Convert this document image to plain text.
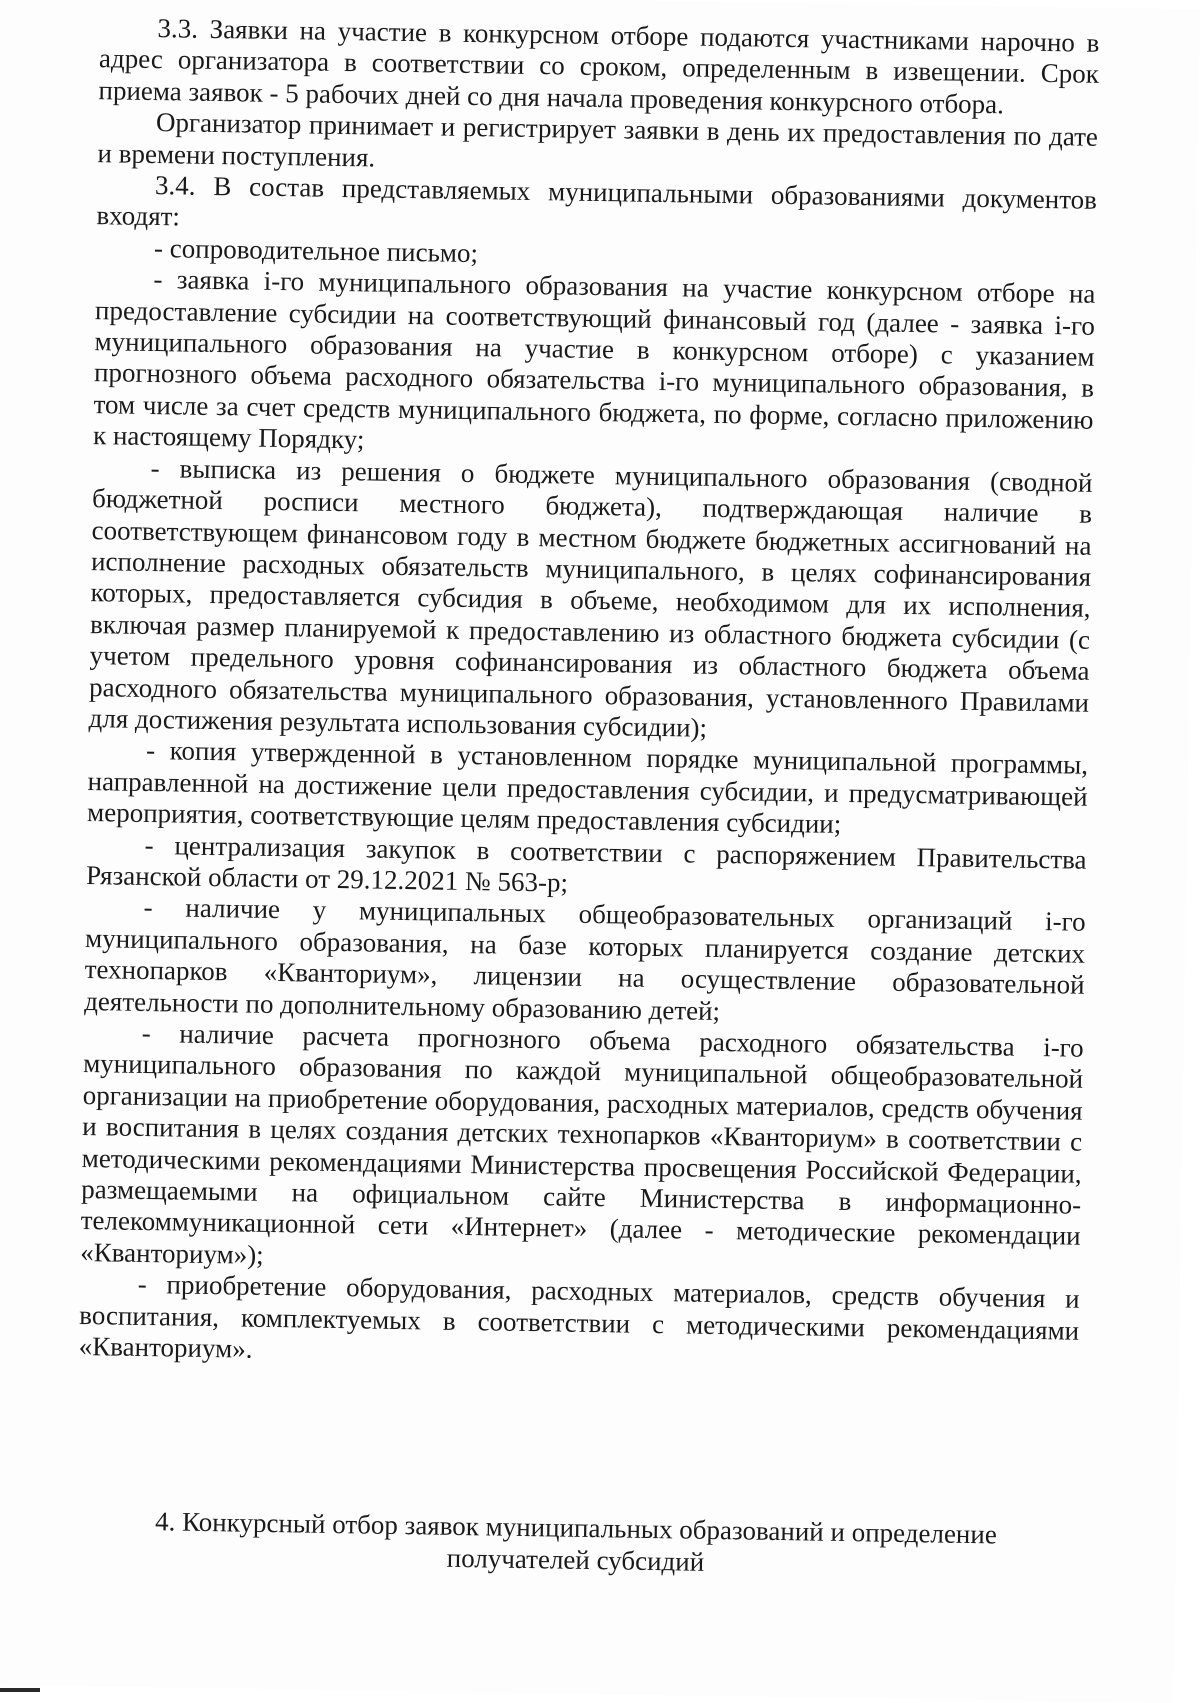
3.3. Заявки на участие в конкурсном отборе подаются участниками нарочно в адрес организатора в соответствии со сроком, определенным в извещении. Срок приема заявок - 5 рабочих дней со дня начала проведения конкурсного отбора.

Организатор принимает и регистрирует заявки в день их предоставления по дате и времени поступления.

3.4. В состав представляемых муниципальными образованиями документов входят:

- сопроводительное письмо;

- заявка i-го муниципального образования на участие конкурсном отборе на предоставление субсидии на соответствующий финансовый год (далее - заявка i-го муниципального образования на участие в конкурсном отборе) с указанием прогнозного объема расходного обязательства i-го муниципального образования, в том числе за счет средств муниципального бюджета, по форме, согласно приложению к настоящему Порядку;

- выписка из решения о бюджете муниципального образования (сводной бюджетной росписи местного бюджета), подтверждающая наличие в соответствующем финансовом году в местном бюджете бюджетных ассигнований на исполнение расходных обязательств муниципального, в целях софинансирования которых, предоставляется субсидия в объеме, необходимом для их исполнения, включая размер планируемой к предоставлению из областного бюджета субсидии (с учетом предельного уровня софинансирования из областного бюджета объема расходного обязательства муниципального образования, установленного Правилами для достижения результата использования субсидии);

- копия утвержденной в установленном порядке муниципальной программы, направленной на достижение цели предоставления субсидии, и предусматривающей мероприятия, соответствующие целям предоставления субсидии;

- централизация закупок в соответствии с распоряжением Правительства Рязанской области от 29.12.2021 № 563-р;

- наличие у муниципальных общеобразовательных организаций i-го муниципального образования, на базе которых планируется создание детских технопарков «Кванториум», лицензии на осуществление образовательной деятельности по дополнительному образованию детей;

- наличие расчета прогнозного объема расходного обязательства i-го муниципального образования по каждой муниципальной общеобразовательной организации на приобретение оборудования, расходных материалов, средств обучения и воспитания в целях создания детских технопарков «Кванториум» в соответствии с методическими рекомендациями Министерства просвещения Российской Федерации, размещаемыми на официальном сайте Министерства в информационно-телекоммуникационной сети «Интернет» (далее - методические рекомендации «Кванториум»);

- приобретение оборудования, расходных материалов, средств обучения и воспитания, комплектуемых в соответствии с методическими рекомендациями «Кванториум».

4. Конкурсный отбор заявок муниципальных образований и определение
получателей субсидий
